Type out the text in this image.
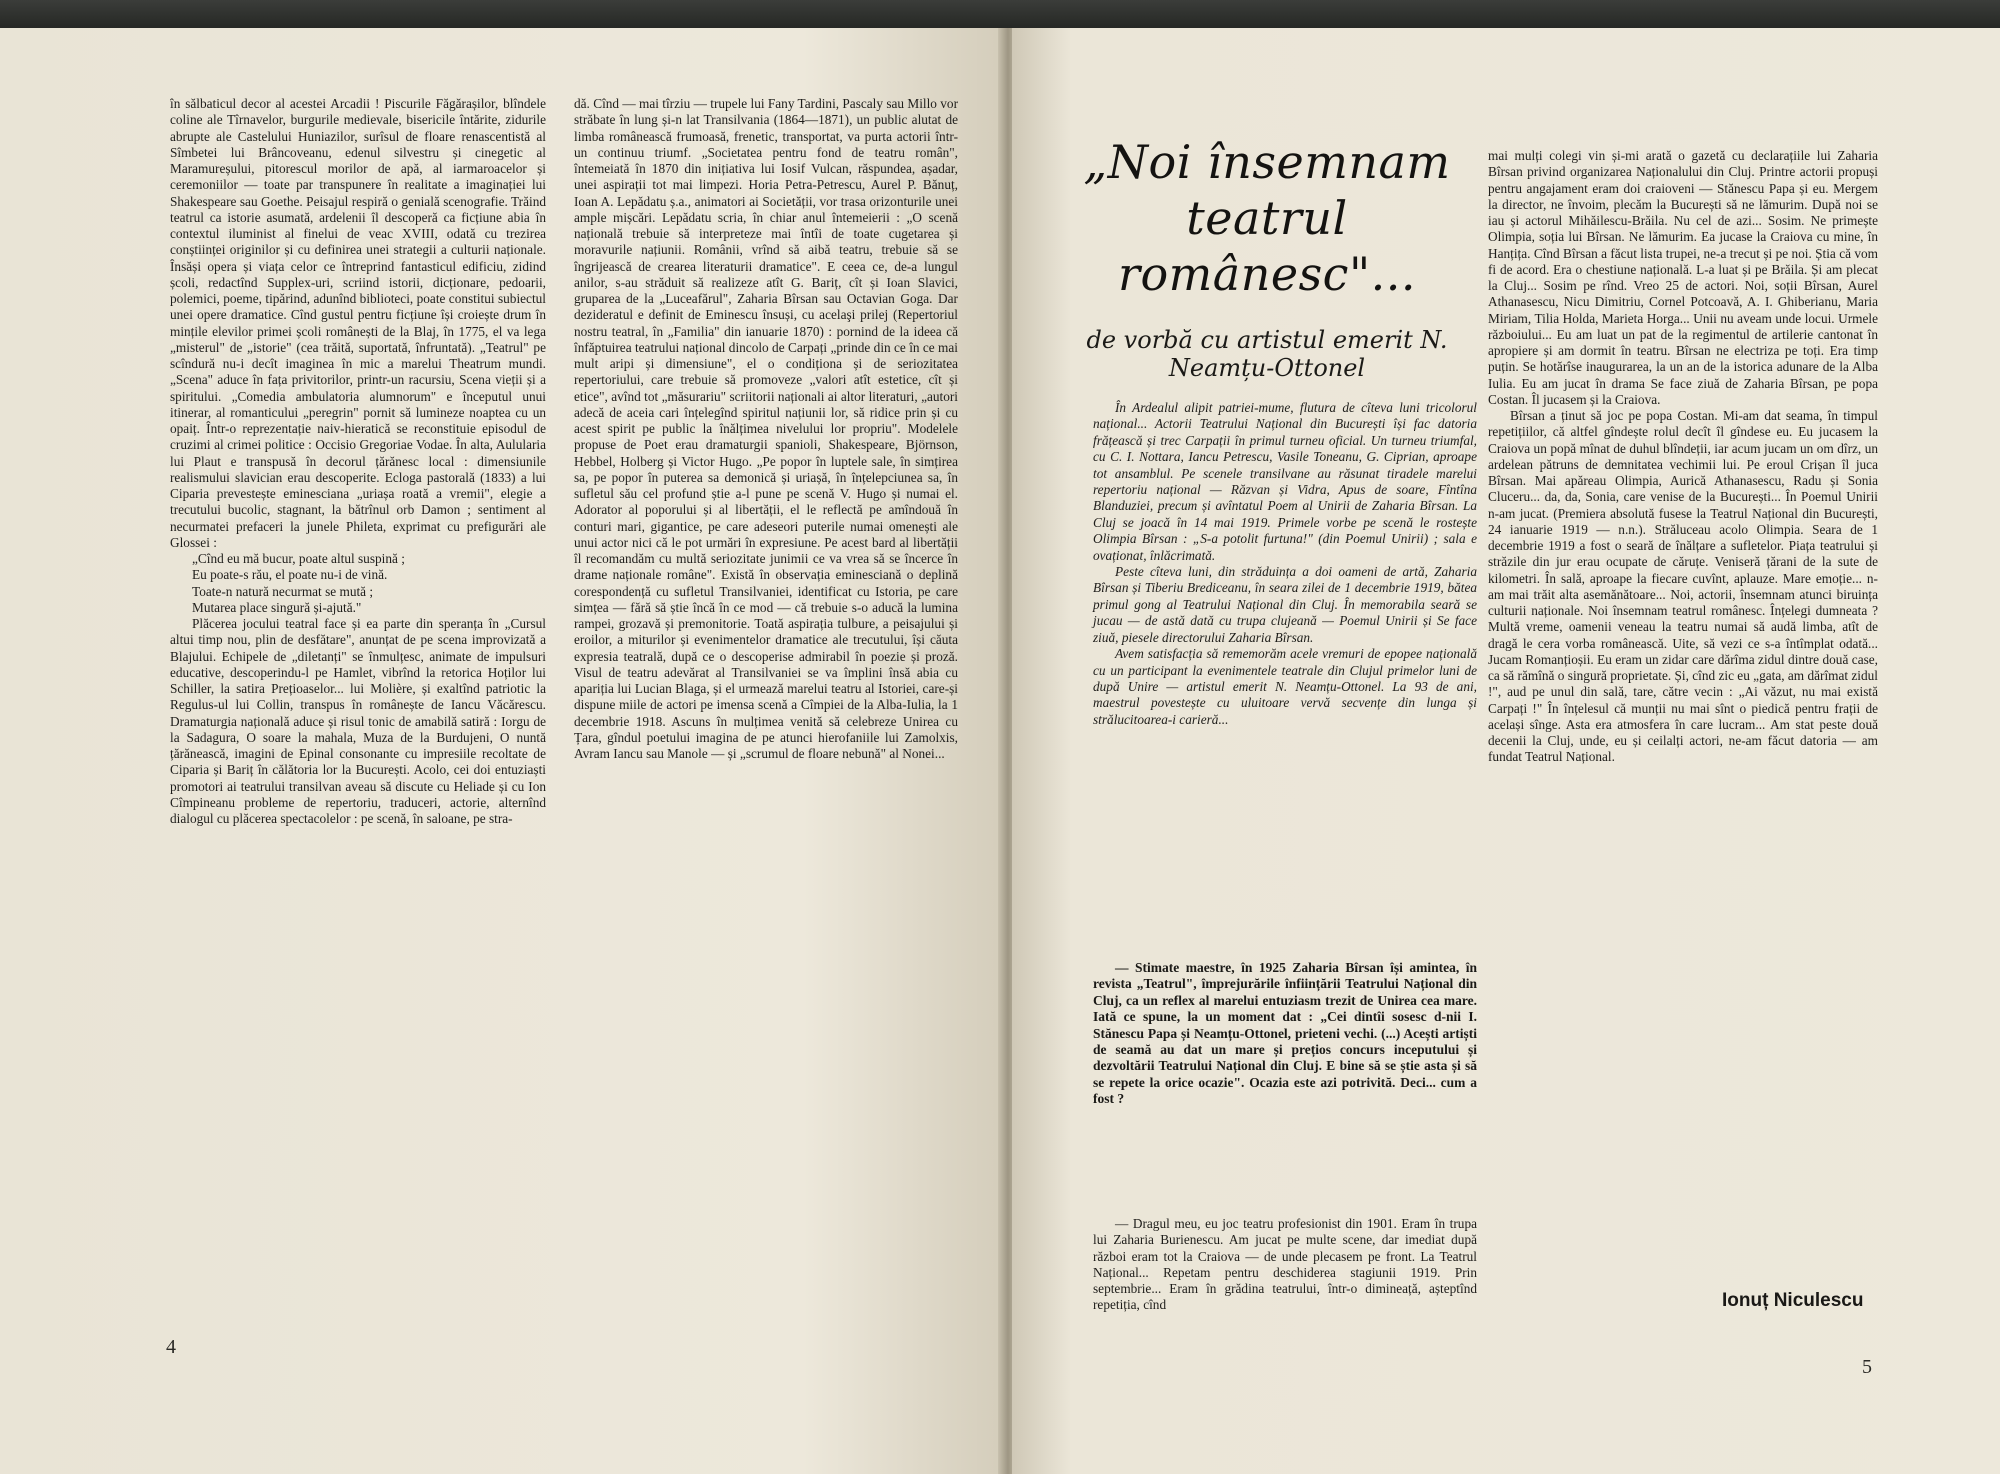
în sălbaticul decor al acestei Arcadii ! Piscurile Făgărașilor, blîndele coline ale Tîrnavelor, burgurile medievale, bisericile întărite, zidurile abrupte ale Castelului Huniazilor, surîsul de floare renascentistă al Sîmbetei lui Brâncoveanu, edenul silvestru și cinegetic al Maramureșului, pitorescul morilor de apă, al iarmaroacelor și ceremoniilor — toate par transpunere în realitate a imaginației lui Shakespeare sau Goethe. Peisajul respiră o genială scenografie. Trăind teatrul ca istorie asumată, ardelenii îl descoperă ca ficțiune abia în contextul iluminist al finelui de veac XVIII, odată cu trezirea conștiinței originilor și cu definirea unei strategii a culturii naționale. Însăși opera și viața celor ce întreprind fantasticul edificiu, zidind școli, redactînd Supplex-uri, scriind istorii, dicționare, pedoarii, polemici, poeme, tipărind, adunînd biblioteci, poate constitui subiectul unei opere dramatice. Cînd gustul pentru ficțiune își croiește drum în mințile elevilor primei școli românești de la Blaj, în 1775, el va lega „misterul" de „istorie" (cea trăită, suportată, înfruntată). „Teatrul" pe scîndură nu-i decît imaginea în mic a marelui Theatrum mundi. „Scena" aduce în fața privitorilor, printr-un racursiu, Scena vieții și a spiritului. „Comedia ambulatoria alumnorum" e începutul unui itinerar, al romanticului „peregrin" pornit să lumineze noaptea cu un opaiț. Într-o reprezentație naiv-hieratică se reconstituie episodul de cruzimi al crimei politice : Occisio Gregoriae Vodae. În alta, Aulularia lui Plaut e transpusă în decorul țărănesc local : dimensiunile realismului slavician erau descoperite. Ecloga pastorală (1833) a lui Ciparia prevestește eminesciana „uriașa roată a vremii", elegie a trecutului bucolic, stagnant, la bătrînul orb Damon ; sentiment al necurmatei prefaceri la junele Phileta, exprimat cu prefigurări ale Glossei :

„Cînd eu mă bucur, poate altul suspină ;

Eu poate-s rău, el poate nu-i de vină.

Toate-n natură necurmat se mută ;

Mutarea place singură și-ajută."

Plăcerea jocului teatral face și ea parte din speranța în „Cursul altui timp nou, plin de desfătare", anunțat de pe scena improvizată a Blajului. Echipele de „diletanți" se înmulțesc, animate de impulsuri educative, descoperindu-l pe Hamlet, vibrînd la retorica Hoților lui Schiller, la satira Prețioaselor... lui Molière, și exaltînd patriotic la Regulus-ul lui Collin, transpus în românește de Iancu Văcărescu. Dramaturgia națională aduce și risul tonic de amabilă satiră : Iorgu de la Sadagura, O soare la mahala, Muza de la Burdujeni, O nuntă țărănească, imagini de Epinal consonante cu impresiile recoltate de Ciparia și Bariț în călătoria lor la București. Acolo, cei doi entuziaști promotori ai teatrului transilvan aveau să discute cu Heliade și cu Ion Cîmpineanu probleme de repertoriu, traduceri, actorie, alternînd dialogul cu plăcerea spectacolelor : pe scenă, în saloane, pe stra-

dă. Cînd — mai tîrziu — trupele lui Fany Tardini, Pascaly sau Millo vor străbate în lung și-n lat Transilvania (1864—1871), un public alutat de limba românească frumoasă, frenetic, transportat, va purta actorii într-un continuu triumf. „Societatea pentru fond de teatru român", întemeiată în 1870 din inițiativa lui Iosif Vulcan, răspundea, așadar, unei aspirații tot mai limpezi. Horia Petra-Petrescu, Aurel P. Bănuț, Ioan A. Lepădatu ș.a., animatori ai Societății, vor trasa orizonturile unei ample mișcări. Lepădatu scria, în chiar anul întemeierii : „O scenă națională trebuie să interpreteze mai întîi de toate cugetarea și moravurile națiunii. Românii, vrînd să aibă teatru, trebuie să se îngrijească de crearea literaturii dramatice". E ceea ce, de-a lungul anilor, s-au străduit să realizeze atît G. Bariț, cît și Ioan Slavici, gruparea de la „Luceafărul", Zaharia Bîrsan sau Octavian Goga. Dar dezideratul e definit de Eminescu însuși, cu acelaşi prilej (Repertoriul nostru teatral, în „Familia" din ianuarie 1870) : pornind de la ideea că înfăptuirea teatrului național dincolo de Carpați „prinde din ce în ce mai mult aripi și dimensiune", el o condiționa și de seriozitatea repertoriului, care trebuie să promoveze „valori atît estetice, cît și etice", avînd tot „măsurariu" scriitorii naționali ai altor literaturi, „autori adecă de aceia cari înțelegînd spiritul națiunii lor, să ridice prin și cu acest spirit pe public la înălțimea nivelului lor propriu". Modelele propuse de Poet erau dramaturgii spanioli, Shakespeare, Björnson, Hebbel, Holberg și Victor Hugo. „Pe popor în luptele sale, în simțirea sa, pe popor în puterea sa demonică și uriașă, în înțelepciunea sa, în sufletul său cel profund știe a-l pune pe scenă V. Hugo și numai el. Adorator al poporului și al libertății, el le reflectă pe amîndouă în conturi mari, gigantice, pe care adeseori puterile numai omenești ale unui actor nici că le pot urmări în expresiune. Pe acest bard al libertății îl recomandăm cu multă seriozitate junimii ce va vrea să se încerce în drame naționale române". Există în observația eminesciană o deplină corespondență cu sufletul Transilvaniei, identificat cu Istoria, pe care simțea — fără să știe încă în ce mod — că trebuie s-o aducă la lumina rampei, grozavă și premonitorie. Toată aspirația tulbure, a peisajului și eroilor, a miturilor și evenimentelor dramatice ale trecutului, își căuta expresia teatrală, după ce o descoperise admirabil în poezie și proză. Visul de teatru adevărat al Transilvaniei se va împlini însă abia cu apariția lui Lucian Blaga, și el urmează marelui teatru al Istoriei, care-și dispune miile de actori pe imensa scenă a Cîmpiei de la Alba-Iulia, la 1 decembrie 1918. Ascuns în mulțimea venită să celebreze Unirea cu Țara, gîndul poetului imagina de pe atunci hierofaniile lui Zamolxis, Avram Iancu sau Manole — și „scrumul de floare nebună" al Nonei...

4
„Noi însemnam teatrul românesc"...
de vorbă cu artistul emerit N. Neamțu-Ottonel

În Ardealul alipit patriei-mume, flutura de cîteva luni tricolorul național... Actorii Teatrului Național din București își fac datoria frățească și trec Carpații în primul turneu oficial. Un turneu triumfal, cu C. I. Nottara, Iancu Petrescu, Vasile Toneanu, G. Ciprian, aproape tot ansamblul. Pe scenele transilvane au răsunat tiradele marelui repertoriu național — Răzvan și Vidra, Apus de soare, Fîntîna Blanduziei, precum și avîntatul Poem al Unirii de Zaharia Bîrsan. La Cluj se joacă în 14 mai 1919. Primele vorbe pe scenă le rostește Olimpia Bîrsan : „S-a potolit furtuna!" (din Poemul Unirii) ; sala e ovaționat, înlăcrimată.

Peste cîteva luni, din străduința a doi oameni de artă, Zaharia Bîrsan și Tiberiu Brediceanu, în seara zilei de 1 decembrie 1919, bătea primul gong al Teatrului Național din Cluj. În memorabila seară se jucau — de astă dată cu trupa clujeană — Poemul Unirii și Se face ziuă, piesele directorului Zaharia Bîrsan.

Avem satisfacția să rememorăm acele vremuri de epopee națională cu un participant la evenimentele teatrale din Clujul primelor luni de după Unire — artistul emerit N. Neamțu-Ottonel. La 93 de ani, maestrul povestește cu uluitoare vervă secvențe din lunga și strălucitoarea-i carieră...

— Stimate maestre, în 1925 Zaharia Bîrsan își amintea, în revista „Teatrul", împrejurările înființării Teatrului Național din Cluj, ca un reflex al marelui entuziasm trezit de Unirea cea mare. Iată ce spune, la un moment dat : „Cei dintîi sosesc d-nii I. Stănescu Papa și Neamțu-Ottonel, prieteni vechi. (...) Acești artiști de seamă au dat un mare și prețios concurs inceputului și dezvoltării Teatrului Național din Cluj. E bine să se știe asta și să se repete la orice ocazie". Ocazia este azi potrivită. Deci... cum a fost ?

— Dragul meu, eu joc teatru profesionist din 1901. Eram în trupa lui Zaharia Burienescu. Am jucat pe multe scene, dar imediat după război eram tot la Craiova — de unde plecasem pe front. La Teatrul Național... Repetam pentru deschiderea stagiunii 1919. Prin septembrie... Eram în grădina teatrului, într-o dimineață, așteptînd repetiția, cînd

mai mulți colegi vin și-mi arată o gazetă cu declarațiile lui Zaharia Bîrsan privind organizarea Naționalului din Cluj. Printre actorii propuși pentru angajament eram doi craioveni — Stănescu Papa și eu. Mergem la director, ne învoim, plecăm la București să ne lămurim. După noi se iau și actorul Mihăilescu-Brăila. Nu cel de azi... Sosim. Ne primește Olimpia, soția lui Bîrsan. Ne lămurim. Ea jucase la Craiova cu mine, în Hanțița. Cînd Bîrsan a făcut lista trupei, ne-a trecut și pe noi. Știa că vom fi de acord. Era o chestiune națională. L-a luat și pe Brăila. Și am plecat la Cluj... Sosim pe rînd. Vreo 25 de actori. Noi, soții Bîrsan, Aurel Athanasescu, Nicu Dimitriu, Cornel Potcoavă, A. I. Ghiberianu, Maria Miriam, Tilia Holda, Marieta Horga... Unii nu aveam unde locui. Urmele războiului... Eu am luat un pat de la regimentul de artilerie cantonat în apropiere și am dormit în teatru. Bîrsan ne electriza pe toți. Era timp puțin. Se hotărîse inaugurarea, la un an de la istorica adunare de la Alba Iulia. Eu am jucat în drama Se face ziuă de Zaharia Bîrsan, pe popa Costan. Îl jucasem și la Craiova.

Bîrsan a ținut să joc pe popa Costan. Mi-am dat seama, în timpul repetițiilor, că altfel gîndește rolul decît îl gîndese eu. Eu jucasem la Craiova un popă mînat de duhul blîndeții, iar acum jucam un om dîrz, un ardelean pătruns de demnitatea vechimii lui. Pe eroul Crișan îl juca Bîrsan. Mai apăreau Olimpia, Aurică Athanasescu, Radu și Sonia Cluceru... da, da, Sonia, care venise de la București... În Poemul Unirii n-am jucat. (Premiera absolută fusese la Teatrul Național din București, 24 ianuarie 1919 — n.n.). Străluceau acolo Olimpia. Seara de 1 decembrie 1919 a fost o seară de înălțare a sufletelor. Piața teatrului și străzile din jur erau ocupate de căruțe. Veniseră țărani de la sute de kilometri. În sală, aproape la fiecare cuvînt, aplauze. Mare emoție... n-am mai trăit alta asemănătoare... Noi, actorii, însemnam atunci biruința culturii naționale. Noi însemnam teatrul românesc. Înțelegi dumneata ? Multă vreme, oamenii veneau la teatru numai să audă limba, atît de dragă le cera vorba românească. Uite, să vezi ce s-a întîmplat odată... Jucam Romanțioșii. Eu eram un zidar care dărîma zidul dintre două case, ca să rămînă o singură proprietate. Și, cînd zic eu „gata, am dărîmat zidul !", aud pe unul din sală, tare, către vecin : „Ai văzut, nu mai există Carpați !" În înțelesul că munții nu mai sînt o piedică pentru frații de același sînge. Asta era atmosfera în care lucram... Am stat peste două decenii la Cluj, unde, eu și ceilalți actori, ne-am făcut datoria — am fundat Teatrul Național.

Ionuț Niculescu
5
